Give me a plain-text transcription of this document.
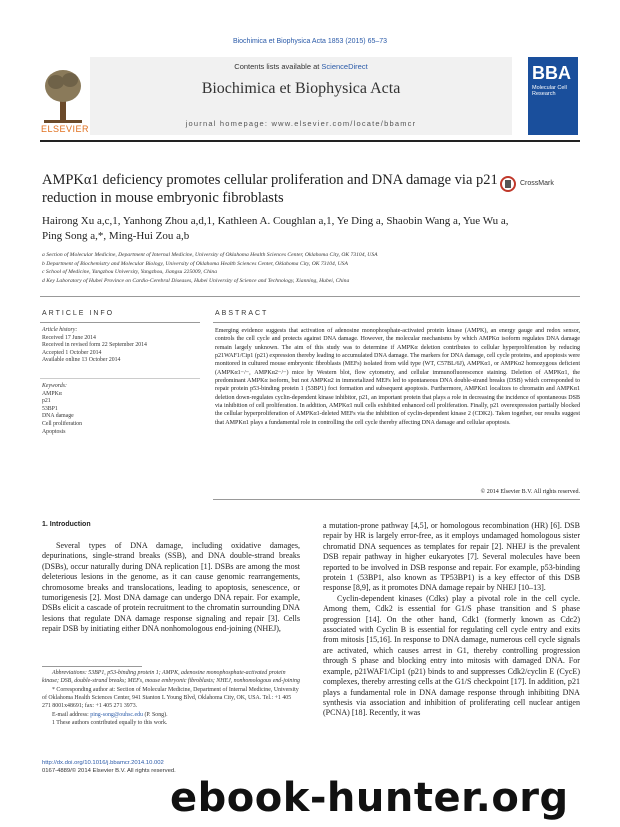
Biochimica et Biophysica Acta 1853 (2015) 65–73
Contents lists available at ScienceDirect
Biochimica et Biophysica Acta
journal homepage: www.elsevier.com/locate/bbamcr
ELSEVIER
BBA
Molecular Cell Research
AMPKα1 deficiency promotes cellular proliferation and DNA damage via p21 reduction in mouse embryonic fibroblasts
CrossMark
Hairong Xu a,c,1, Yanhong Zhou a,d,1, Kathleen A. Coughlan a,1, Ye Ding a, Shaobin Wang a, Yue Wu a,
Ping Song a,*, Ming-Hui Zou a,b
a Section of Molecular Medicine, Department of Internal Medicine, University of Oklahoma Health Sciences Center, Oklahoma City, OK 73104, USA
b Department of Biochemistry and Molecular Biology, University of Oklahoma Health Sciences Center, Oklahoma City, OK 73104, USA
c School of Medicine, Yangzhou University, Yangzhou, Jiangsu 225009, China
d Key Laboratory of Hubei Province on Cardio-Cerebral Diseases, Hubei University of Science and Technology, Xianning, Hubei, China
ARTICLE INFO	ABSTRACT
Article history:
Received 17 June 2014
Received in revised form 22 September 2014
Accepted 1 October 2014
Available online 13 October 2014
Keywords:
AMPKα
p21
53BP1
DNA damage
Cell proliferation
Apoptosis
Emerging evidence suggests that activation of adenosine monophosphate-activated protein kinase (AMPK), an energy gauge and redox sensor, controls the cell cycle and protects against DNA damage. However, the molecular mechanisms by which AMPKα isoform regulates DNA damage remain largely unknown. The aim of this study was to determine if AMPKα deletion contributes to cellular hyperproliferation by reducing p21WAF1/Cip1 (p21) expression thereby leading to accumulated DNA damage. The markers for DNA damage, cell cycle proteins, and apoptosis were monitored in cultured mouse embryonic fibroblasts (MEFs) isolated from wild type (WT, C57BL/6J), AMPKα1, or AMPKα2 homozygous deficient (AMPKα1−/−, AMPKα2−/−) mice by Western blot, flow cytometry, and cellular immunofluorescence staining. Deletion of AMPKα1, the predominant AMPKα isoform, but not AMPKα2 in immortalized MEFs led to spontaneous DNA double-strand breaks (DSB) which corresponded to repair protein p53-binding protein 1 (53BP1) foci formation and subsequent apoptosis. Furthermore, AMPKα1 localizes to chromatin and AMPKα1 deletion down-regulates cyclin-dependent kinase inhibitor, p21, an important protein that plays a role in decreasing the incidence of spontaneous DSB via inhibition of cell proliferation. In addition, AMPKα1 null cells exhibited enhanced cell proliferation. Finally, p21 overexpression partially blocked the cellular hyperproliferation of AMPKα1-deleted MEFs via the inhibition of cyclin-dependent kinase 2 (CDK2). Taken together, our results suggest that AMPKα1 plays a fundamental role in controlling the cell cycle thereby affecting DNA damage and cellular apoptosis.
© 2014 Elsevier B.V. All rights reserved.
1. Introduction
Several types of DNA damage, including oxidative damages, depurinations, single-strand breaks (SSB), and DNA double-strand breaks (DSBs), occur naturally during DNA replication [1]. DSBs are among the most deleterious lesions in the genome, as it can cause genomic rearrangements, chromosome breaks and translocations, leading to apoptosis, senescence, or tumorigenesis [2]. Most DNA damage can undergo DNA repair. For example, DSBs elicit a cascade of protein recruitment to the chromatin surrounding DNA lesions that regulate DNA damage response signaling and repair [3]. Cells repair DSB by initiating either DNA nonhomologous end-joining (NHEJ),
a mutation-prone pathway [4,5], or homologous recombination (HR) [6]. DSB repair by HR is largely error-free, as it employs undamaged homologous sister chromatid DNA sequences as templates for repair [2]. NHEJ is the prevalent DSB repair pathway in higher eukaryotes [7]. Several molecules have been reported to be involved in DSB response and repair. For example, p53-binding protein 1 (53BP1, also known as TP53BP1) is a key effector of this DSB response [8,9], as it promotes DNA damage repair by NHEJ [10–13].
Cyclin-dependent kinases (Cdks) play a pivotal role in the cell cycle. Among them, Cdk2 is essential for G1/S phase transition and S phase progression [14]. On the other hand, Cdk1 (formerly known as Cdc2) associated with Cyclin B is essential for regulating cell cycle entry and exits from mitosis [15,16]. In response to DNA damage, numerous cell cycle signals are activated, which causes arrest in G1, thereby controlling progression through S phase and blocking entry into mitosis with damaged DNA. For example, p21WAF1/Cip1 (p21) binds to and suppresses Cdk2/cyclin E (CycE) complexes, thereby arresting cells at the G1/S checkpoint [17]. In addition, p21 plays a fundamental role in DNA damage response through inhibiting DNA synthesis via association and inhibition of proliferating cell nuclear antigen (PCNA) [18]. Recently, it was

Abbreviations: 53BP1, p53-binding protein 1; AMPK, adenosine monophosphate-activated protein kinase; DSB, double-strand breaks; MEFs, mouse embryonic fibroblasts; NHEJ, nonhomologous end-joining

* Corresponding author at: Section of Molecular Medicine, Department of Internal Medicine, University of Oklahoma Health Sciences Center, 941 Stanton L Young Blvd, Oklahoma City, OK, USA. Tel.: +1 405 271 8001x48691; fax: +1 405 271 3973.

E-mail address: ping-song@ouhsc.edu (P. Song).

1 These authors contributed equally to this work.

http://dx.doi.org/10.1016/j.bbamcr.2014.10.002
0167-4889/© 2014 Elsevier B.V. All rights reserved.
ebook-hunter.org
